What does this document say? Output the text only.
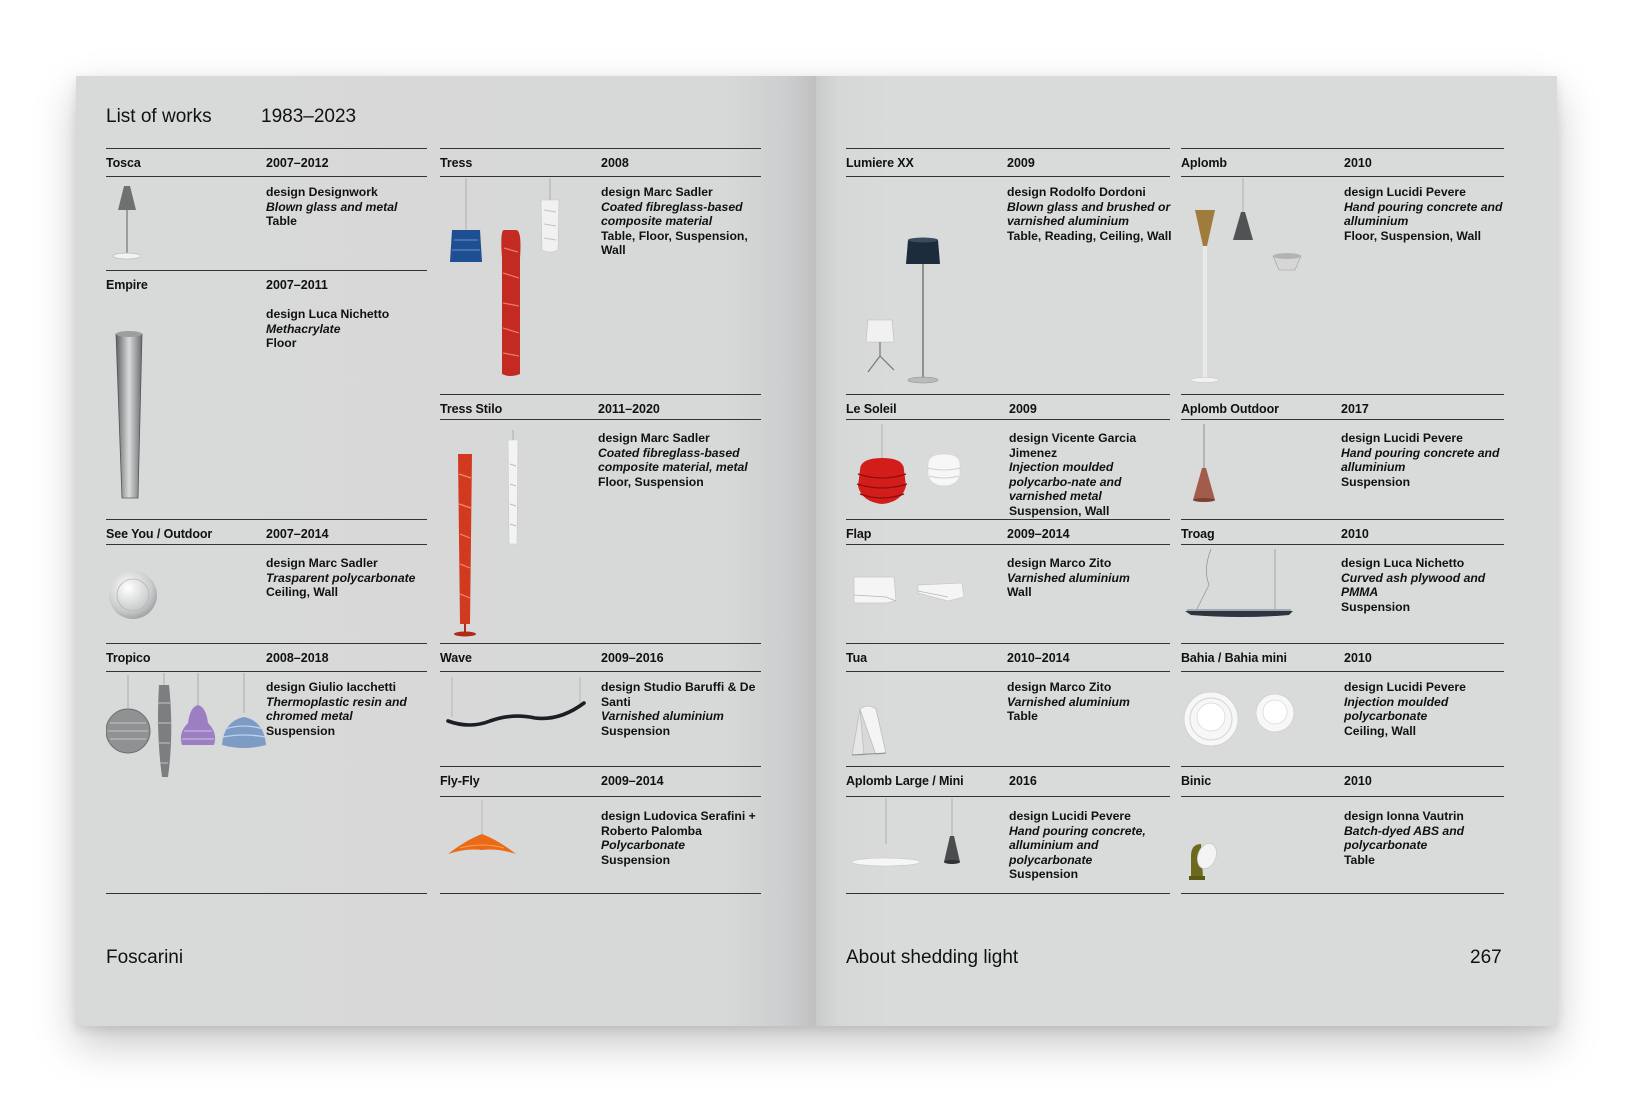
List of works	1983–2023
Tosca	2007–2012
design Designwork
Blown glass and metal
Table
Empire	2007–2011
design Luca Nichetto
Methacrylate
Floor
See You / Outdoor	2007–2014
design Marc Sadler
Trasparent polycarbonate
Ceiling, Wall
Tropico	2008–2018
design Giulio Iacchetti
Thermoplastic resin and chromed metal
Suspension
Tress	2008
design Marc Sadler
Coated fibreglass-based composite material
Table, Floor, Suspension, Wall
Tress Stilo	2011–2020
design Marc Sadler
Coated fibreglass-based composite material, metal
Floor, Suspension
Wave	2009–2016
design Studio Baruffi & De Santi
Varnished aluminium
Suspension
Fly-Fly	2009–2014
design Ludovica Serafini + Roberto Palomba
Polycarbonate
Suspension
Foscarini
Lumiere XX	2009
design Rodolfo Dordoni
Blown glass and brushed or varnished aluminium
Table, Reading, Ceiling, Wall
Le Soleil	2009
design Vicente Garcia Jimenez
Injection moulded polycarbo-nate and varnished metal
Suspension, Wall
Flap	2009–2014
design Marco Zito
Varnished aluminium
Wall
Tua	2010–2014
design Marco Zito
Varnished aluminium
Table
Aplomb Large / Mini	2016
design Lucidi Pevere
Hand pouring concrete, alluminium and polycarbonate
Suspension
Aplomb	2010
design Lucidi Pevere
Hand pouring concrete and alluminium
Floor, Suspension, Wall
Aplomb Outdoor	2017
design Lucidi Pevere
Hand pouring concrete and alluminium
Suspension
Troag	2010
design Luca Nichetto
Curved ash plywood and PMMA
Suspension
Bahia / Bahia mini	2010
design Lucidi Pevere
Injection moulded polycarbonate
Ceiling, Wall
Binic	2010
design Ionna Vautrin
Batch-dyed ABS and polycarbonate
Table
About shedding light	267
